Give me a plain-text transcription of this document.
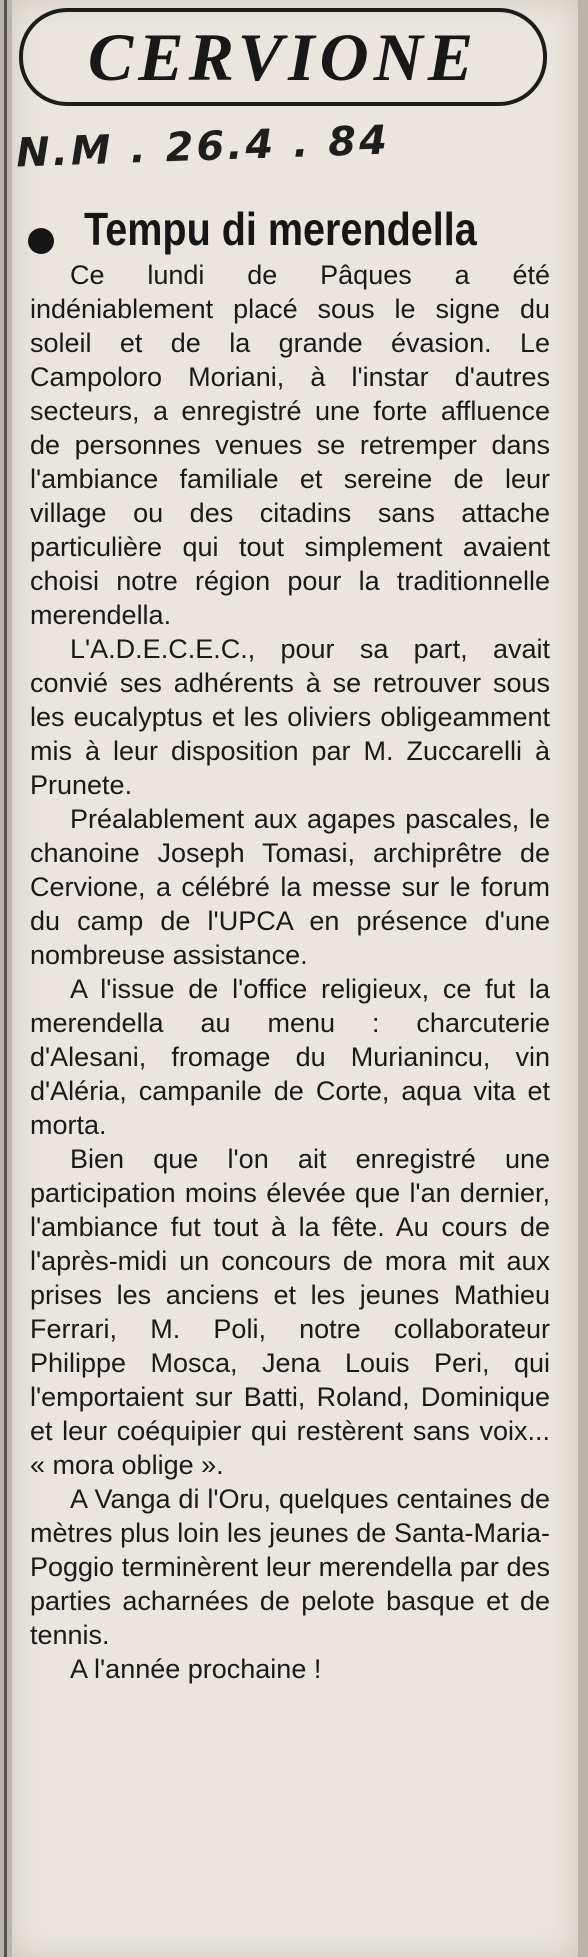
CERVIONE
N.M . 26.4 . 84
Tempu di merendella

Ce lundi de Pâques a été indéniablement placé sous le signe du soleil et de la grande évasion. Le Campoloro Moriani, à l'instar d'autres secteurs, a enregistré une forte affluence de personnes venues se retremper dans l'ambiance familiale et sereine de leur village ou des citadins sans attache particulière qui tout simplement avaient choisi notre région pour la traditionnelle merendella.

L'A.D.E.C.E.C., pour sa part, avait convié ses adhérents à se retrouver sous les eucalyptus et les oliviers obligeamment mis à leur disposition par M. Zuccarelli à Prunete.

Préalablement aux agapes pascales, le chanoine Joseph Tomasi, archiprêtre de Cervione, a célébré la messe sur le forum du camp de l'UPCA en présence d'une nombreuse assistance.

A l'issue de l'office religieux, ce fut la merendella au menu : charcuterie d'Alesani, fromage du Murianincu, vin d'Aléria, campanile de Corte, aqua vita et morta.

Bien que l'on ait enregistré une participation moins élevée que l'an dernier, l'ambiance fut tout à la fête. Au cours de l'après-midi un concours de mora mit aux prises les anciens et les jeunes Mathieu Ferrari, M. Poli, notre collaborateur Philippe Mosca, Jena Louis Peri, qui l'emportaient sur Batti, Roland, Dominique et leur coéquipier qui restèrent sans voix... « mora oblige ».

A Vanga di l'Oru, quelques centaines de mètres plus loin les jeunes de Santa-Maria-Poggio terminèrent leur merendella par des parties acharnées de pelote basque et de tennis.

A l'année prochaine !
